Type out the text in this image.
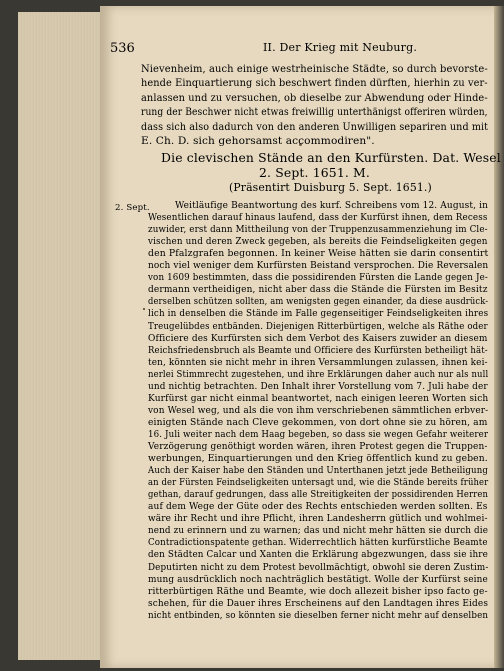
536	II. Der Krieg mit Neuburg.
Die clevischen Stände an den Kurfürsten. Dat. Wesel
2. Sept. 1651. M.
(Präsentirt Duisburg 5. Sept. 1651.)
2. Sept.
Nievenheim, auch einige westrheinische Städte, so durch bevorste-
hende Einquartierung sich beschwert finden dürften, hierhin zu ver-
anlassen und zu versuchen, ob dieselbe zur Abwendung oder Hinde-
rung der Beschwer nicht etwas freiwillig unterthänigst offeriren würden,
dass sich also dadurch von den anderen Unwilligen separiren und mit
E. Ch. D. sich gehorsamst accommodiren".
Weitläufige Beantwortung des kurf. Schreibens vom 12. August, in
Wesentlichen darauf hinaus laufend, dass der Kurfürst ihnen, dem Recess
zuwider, erst dann Mittheilung von der Truppenzusammenziehung im Cle-
vischen und deren Zweck gegeben, als bereits die Feindseligkeiten gegen
den Pfalzgrafen begonnen. In keiner Weise hätten sie darin consentirt
noch viel weniger dem Kurfürsten Beistand versprochen. Die Reversalen
von 1609 bestimmten, dass die possidirenden Fürsten die Lande gegen Je-
dermann vertheidigen, nicht aber dass die Stände die Fürsten im Besitz
derselben schützen sollten, am wenigsten gegen einander, da diese ausdrück-
lich in denselben die Stände im Falle gegenseitiger Feindseligkeiten ihres
Treugelübdes entbänden. Diejenigen Ritterbürtigen, welche als Räthe oder
Officiere des Kurfürsten sich dem Verbot des Kaisers zuwider an diesem
Reichsfriedensbruch als Beamte und Officiere des Kurfürsten betheiligt hät-
ten, könnten sie nicht mehr in ihren Versammlungen zulassen, ihnen kei-
nerlei Stimmrecht zugestehen, und ihre Erklärungen daher auch nur als null
und nichtig betrachten. Den Inhalt ihrer Vorstellung vom 7. Juli habe der
Kurfürst gar nicht einmal beantwortet, nach einigen leeren Worten sich
von Wesel weg, und als die von ihm verschriebenen sämmtlichen erbver-
einigten Stände nach Cleve gekommen, von dort ohne sie zu hören, am
16. Juli weiter nach dem Haag begeben, so dass sie wegen Gefahr weiterer
Verzögerung genöthigt worden wären, ihren Protest gegen die Truppen-
werbungen, Einquartierungen und den Krieg öffentlich kund zu geben.
Auch der Kaiser habe den Ständen und Unterthanen jetzt jede Betheiligung
an der Fürsten Feindseligkeiten untersagt und, wie die Stände bereits früher
gethan, darauf gedrungen, dass alle Streitigkeiten der possidirenden Herren
auf dem Wege der Güte oder des Rechts entschieden werden sollten. Es
wäre ihr Recht und ihre Pflicht, ihren Landesherrn gütlich und wohlmei-
nend zu erinnern und zu warnen; das und nicht mehr hätten sie durch die
Contradictionspatente gethan. Widerrechtlich hätten kurfürstliche Beamte
den Städten Calcar und Xanten die Erklärung abgezwungen, dass sie ihre
Deputirten nicht zu dem Protest bevollmächtigt, obwohl sie deren Zustim-
mung ausdrücklich noch nachträglich bestätigt. Wolle der Kurfürst seine
ritterbürtigen Räthe und Beamte, wie doch allezeit bisher ipso facto ge-
schehen, für die Dauer ihres Erscheinens auf den Landtagen ihres Eides
nicht entbinden, so könnten sie dieselben ferner nicht mehr auf denselben
